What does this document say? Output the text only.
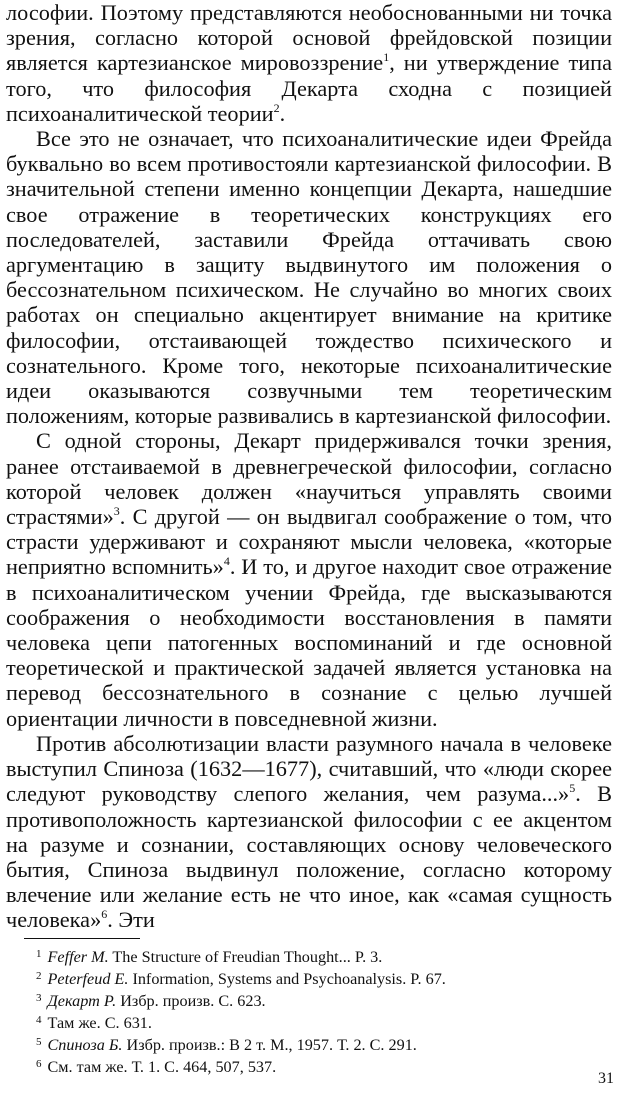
лософии. Поэтому представляются необоснованными ни точка зрения, согласно которой основой фрейдовской позиции является картезианское мировоззрение$^1$, ни утверждение типа того, что философия Декарта сходна с позицией психоаналитической теории$^2$.

Все это не означает, что психоаналитические идеи Фрейда буквально во всем противостояли картезианской философии. В значительной степени именно концепции Декарта, нашедшие свое отражение в теоретических конструкциях его последователей, заставили Фрейда оттачивать свою аргументацию в защиту выдвинутого им положения о бессознательном психическом. Не случайно во многих своих работах он специально акцентирует внимание на критике философии, отстаивающей тождество психического и сознательного. Кроме того, некоторые психоаналитические идеи оказываются созвучными тем теоретическим положениям, которые развивались в картезианской философии.

С одной стороны, Декарт придерживался точки зрения, ранее отстаиваемой в древнегреческой философии, согласно которой человек должен «научиться управлять своими страстями»$^3$. С другой — он выдвигал соображение о том, что страсти удерживают и сохраняют мысли человека, «которые неприятно вспомнить»$^4$. И то, и другое находит свое отражение в психоаналитическом учении Фрейда, где высказываются соображения о необходимости восстановления в памяти человека цепи патогенных воспоминаний и где основной теоретической и практической задачей является установка на перевод бессознательного в сознание с целью лучшей ориентации личности в повседневной жизни.

Против абсолютизации власти разумного начала в человеке выступил Спиноза (1632—1677), считавший, что «люди скорее следуют руководству слепого желания, чем разума...»$^5$. В противоположность картезианской философии с ее акцентом на разуме и сознании, составляющих основу человеческого бытия, Спиноза выдвинул положение, согласно которому влечение или желание есть не что иное, как «самая сущность человека»$^6$. Эти

$^1$ Feffer M. The Structure of Freudian Thought... P. 3.

$^2$ Peterfeud E. Information, Systems and Psychoanalysis. P. 67.

$^3$ Декарт Р. Избр. произв. С. 623.

$^4$ Там же. С. 631.

$^5$ Спиноза Б. Избр. произв.: В 2 т. М., 1957. Т. 2. С. 291.

$^6$ См. там же. Т. 1. С. 464, 507, 537.

31
